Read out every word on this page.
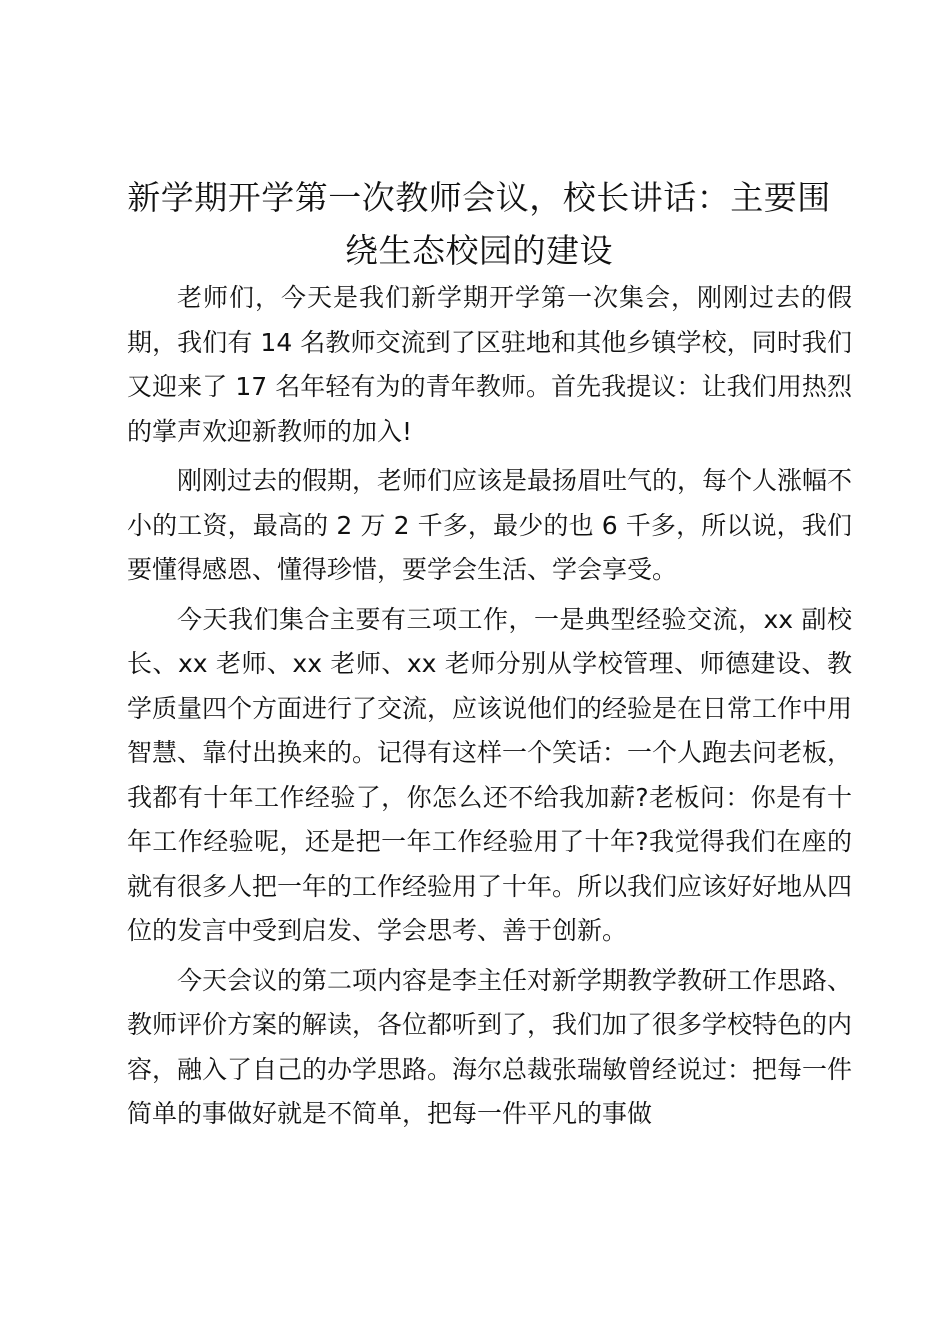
新学期开学第一次教师会议，校长讲话：主要围绕生态校园的建设

老师们，今天是我们新学期开学第一次集会，刚刚过去的假期，我们有 14 名教师交流到了区驻地和其他乡镇学校，同时我们又迎来了 17 名年轻有为的青年教师。首先我提议：让我们用热烈的掌声欢迎新教师的加入!

刚刚过去的假期，老师们应该是最扬眉吐气的，每个人涨幅不小的工资，最高的 2 万 2 千多，最少的也 6 千多，所以说，我们要懂得感恩、懂得珍惜，要学会生活、学会享受。

今天我们集合主要有三项工作，一是典型经验交流，xx 副校长、xx 老师、xx 老师、xx 老师分别从学校管理、师德建设、教学质量四个方面进行了交流，应该说他们的经验是在日常工作中用智慧、靠付出换来的。记得有这样一个笑话：一个人跑去问老板，我都有十年工作经验了，你怎么还不给我加薪?老板问：你是有十年工作经验呢，还是把一年工作经验用了十年?我觉得我们在座的就有很多人把一年的工作经验用了十年。所以我们应该好好地从四位的发言中受到启发、学会思考、善于创新。

今天会议的第二项内容是李主任对新学期教学教研工作思路、教师评价方案的解读，各位都听到了，我们加了很多学校特色的内容，融入了自己的办学思路。海尔总裁张瑞敏曾经说过：把每一件简单的事做好就是不简单，把每一件平凡的事做
